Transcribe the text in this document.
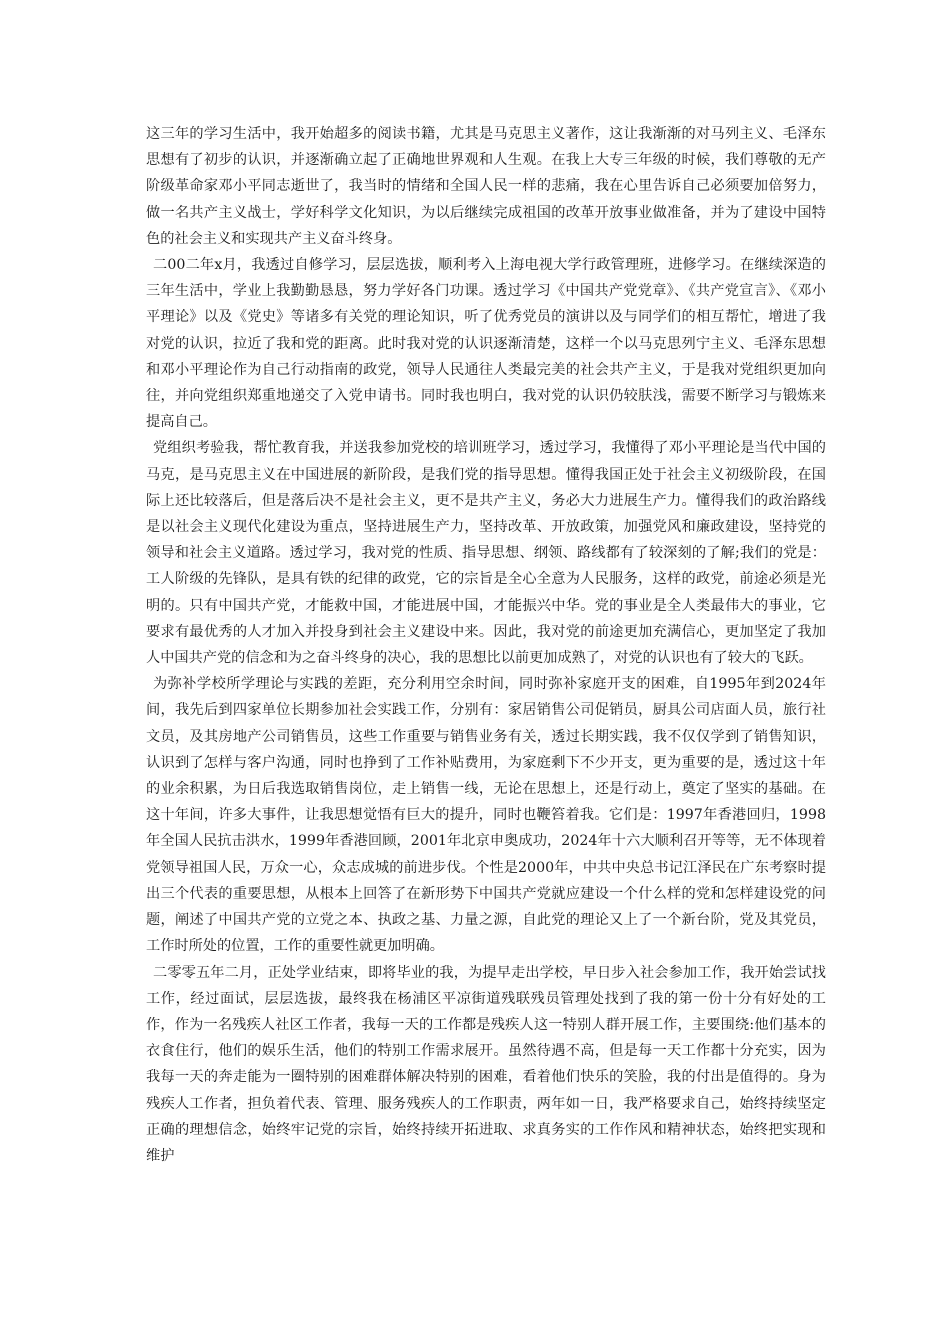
这三年的学习生活中，我开始超多的阅读书籍，尤其是马克思主义著作，这让我渐渐的对马列主义、毛泽东思想有了初步的认识，并逐渐确立起了正确地世界观和人生观。在我上大专三年级的时候，我们尊敬的无产阶级革命家邓小平同志逝世了，我当时的情绪和全国人民一样的悲痛，我在心里告诉自己必须要加倍努力，做一名共产主义战士，学好科学文化知识，为以后继续完成祖国的改革开放事业做准备，并为了建设中国特色的社会主义和实现共产主义奋斗终身。

二00二年x月，我透过自修学习，层层选拔，顺利考入上海电视大学行政管理班，进修学习。在继续深造的三年生活中，学业上我勤勤恳恳，努力学好各门功课。透过学习《中国共产党党章》、《共产党宣言》、《邓小平理论》以及《党史》等诸多有关党的理论知识，听了优秀党员的演讲以及与同学们的相互帮忙，增进了我对党的认识，拉近了我和党的距离。此时我对党的认识逐渐清楚，这样一个以马克思列宁主义、毛泽东思想和邓小平理论作为自己行动指南的政党，领导人民通往人类最完美的社会共产主义，于是我对党组织更加向往，并向党组织郑重地递交了入党申请书。同时我也明白，我对党的认识仍较肤浅，需要不断学习与锻炼来提高自己。

党组织考验我，帮忙教育我，并送我参加党校的培训班学习，透过学习，我懂得了邓小平理论是当代中国的马克，是马克思主义在中国进展的新阶段，是我们党的指导思想。懂得我国正处于社会主义初级阶段，在国际上还比较落后，但是落后决不是社会主义，更不是共产主义，务必大力进展生产力。懂得我们的政治路线是以社会主义现代化建设为重点，坚持进展生产力，坚持改革、开放政策，加强党风和廉政建设，坚持党的领导和社会主义道路。透过学习，我对党的性质、指导思想、纲领、路线都有了较深刻的了解;我们的党是：工人阶级的先锋队，是具有铁的纪律的政党，它的宗旨是全心全意为人民服务，这样的政党，前途必须是光明的。只有中国共产党，才能救中国，才能进展中国，才能振兴中华。党的事业是全人类最伟大的事业，它要求有最优秀的人才加入并投身到社会主义建设中来。因此，我对党的前途更加充满信心，更加坚定了我加人中国共产党的信念和为之奋斗终身的决心，我的思想比以前更加成熟了，对党的认识也有了较大的飞跃。

为弥补学校所学理论与实践的差距，充分利用空余时间，同时弥补家庭开支的困难，自1995年到2024年间，我先后到四家单位长期参加社会实践工作，分别有：家居销售公司促销员，厨具公司店面人员，旅行社文员，及其房地产公司销售员，这些工作重要与销售业务有关，透过长期实践，我不仅仅学到了销售知识，认识到了怎样与客户沟通，同时也挣到了工作补贴费用，为家庭剩下不少开支，更为重要的是，透过这十年的业余积累，为日后我选取销售岗位，走上销售一线，无论在思想上，还是行动上，奠定了坚实的基础。在这十年间，许多大事件，让我思想觉悟有巨大的提升，同时也鞭笞着我。它们是：1997年香港回归，1998年全国人民抗击洪水，1999年香港回顾，2001年北京申奥成功，2024年十六大顺利召开等等，无不体现着党领导祖国人民，万众一心，众志成城的前进步伐。个性是2000年，中共中央总书记江泽民在广东考察时提出三个代表的重要思想，从根本上回答了在新形势下中国共产党就应建设一个什么样的党和怎样建设党的问题，阐述了中国共产党的立党之本、执政之基、力量之源，自此党的理论又上了一个新台阶，党及其党员，工作时所处的位置，工作的重要性就更加明确。

二零零五年二月，正处学业结束，即将毕业的我，为提早走出学校，早日步入社会参加工作，我开始尝试找工作，经过面试，层层选拔，最终我在杨浦区平凉街道残联残员管理处找到了我的第一份十分有好处的工作，作为一名残疾人社区工作者，我每一天的工作都是残疾人这一特别人群开展工作，主要围绕:他们基本的衣食住行，他们的娱乐生活，他们的特别工作需求展开。虽然待遇不高，但是每一天工作都十分充实，因为我每一天的奔走能为一圈特别的困难群体解决特别的困难，看着他们快乐的笑脸，我的付出是值得的。身为残疾人工作者，担负着代表、管理、服务残疾人的工作职责，两年如一日，我严格要求自己，始终持续坚定正确的理想信念，始终牢记党的宗旨，始终持续开拓进取、求真务实的工作作风和精神状态，始终把实现和维护
